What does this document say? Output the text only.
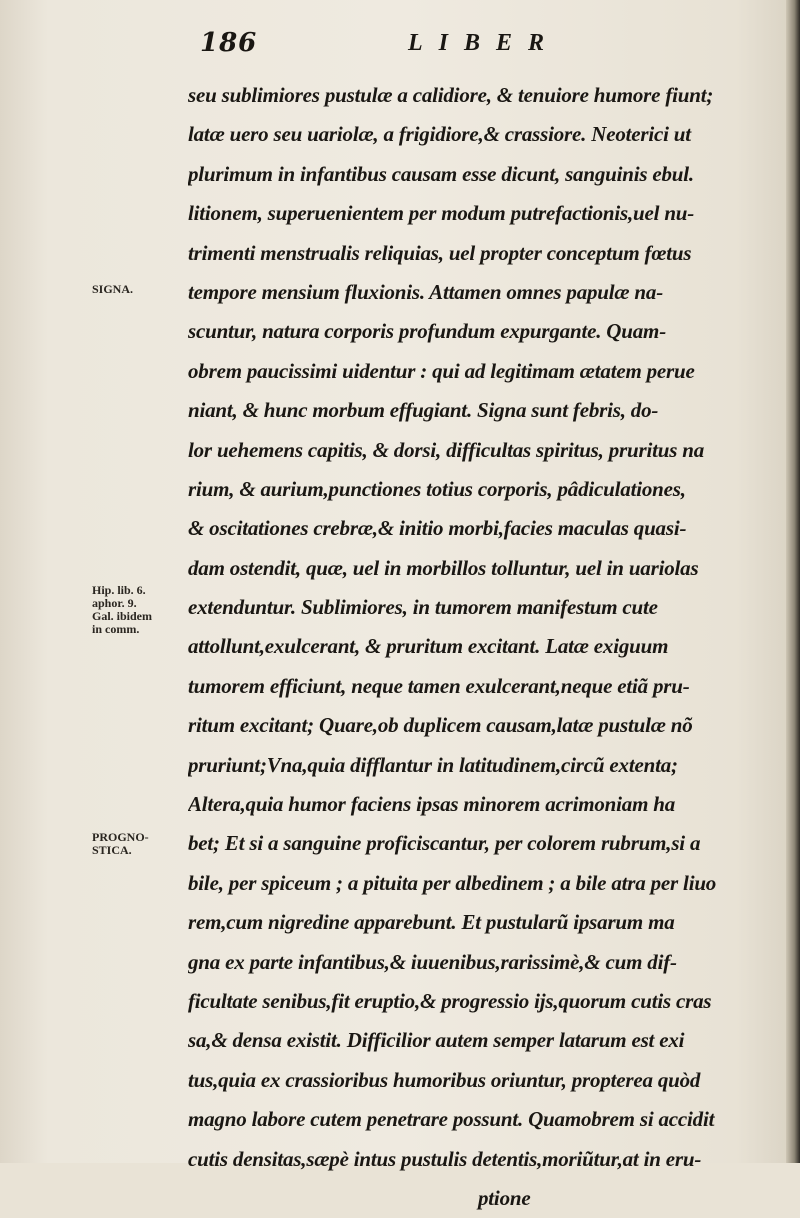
186	LIBER
SIGNA.
Hip. lib. 6.
aphor. 9.
Gal. ibidem
in comm.
PROGNO-
STICA.
seu sublimiores pustulæ a calidiore, & tenuiore humore fiunt;
latæ uero seu uariolæ, a frigidiore,& crassiore. Neoterici ut
plurimum in infantibus causam esse dicunt, sanguinis ebul.
litionem, superuenientem per modum putrefactionis,uel nu-
trimenti menstrualis reliquias, uel propter conceptum fœtus
tempore mensium fluxionis. Attamen omnes papulæ na-
scuntur, natura corporis profundum expurgante. Quam-
obrem paucissimi uidentur : qui ad legitimam ætatem perue
niant, & hunc morbum effugiant. Signa sunt febris, do-
lor uehemens capitis, & dorsi, difficultas spiritus, pruritus na
rium, & aurium,punctiones totius corporis, pâdiculationes,
& oscitationes crebræ,& initio morbi,facies maculas quasi-
dam ostendit, quæ, uel in morbillos tolluntur, uel in uariolas
extenduntur. Sublimiores, in tumorem manifestum cute
attollunt,exulcerant, & pruritum excitant. Latæ exiguum
tumorem efficiunt, neque tamen exulcerant,neque etiã pru-
ritum excitant; Quare,ob duplicem causam,latæ pustulæ nõ
pruriunt;Vna,quia difflantur in latitudinem,circũ extenta;
Altera,quia humor faciens ipsas minorem acrimoniam ha
bet; Et si a sanguine proficiscantur, per colorem rubrum,si a
bile, per spiceum ; a pituita per albedinem ; a bile atra per liuo
rem,cum nigredine apparebunt. Et pustularũ ipsarum ma
gna ex parte infantibus,& iuuenibus,rarissimè,& cum dif-
ficultate senibus,fit eruptio,& progressio ijs,quorum cutis cras
sa,& densa existit. Difficilior autem semper latarum est exi
tus,quia ex crassioribus humoribus oriuntur, propterea quòd
magno labore cutem penetrare possunt. Quamobrem si accidit
cutis densitas,sæpè intus pustulis detentis,moriũtur,at in eru-
ptione
